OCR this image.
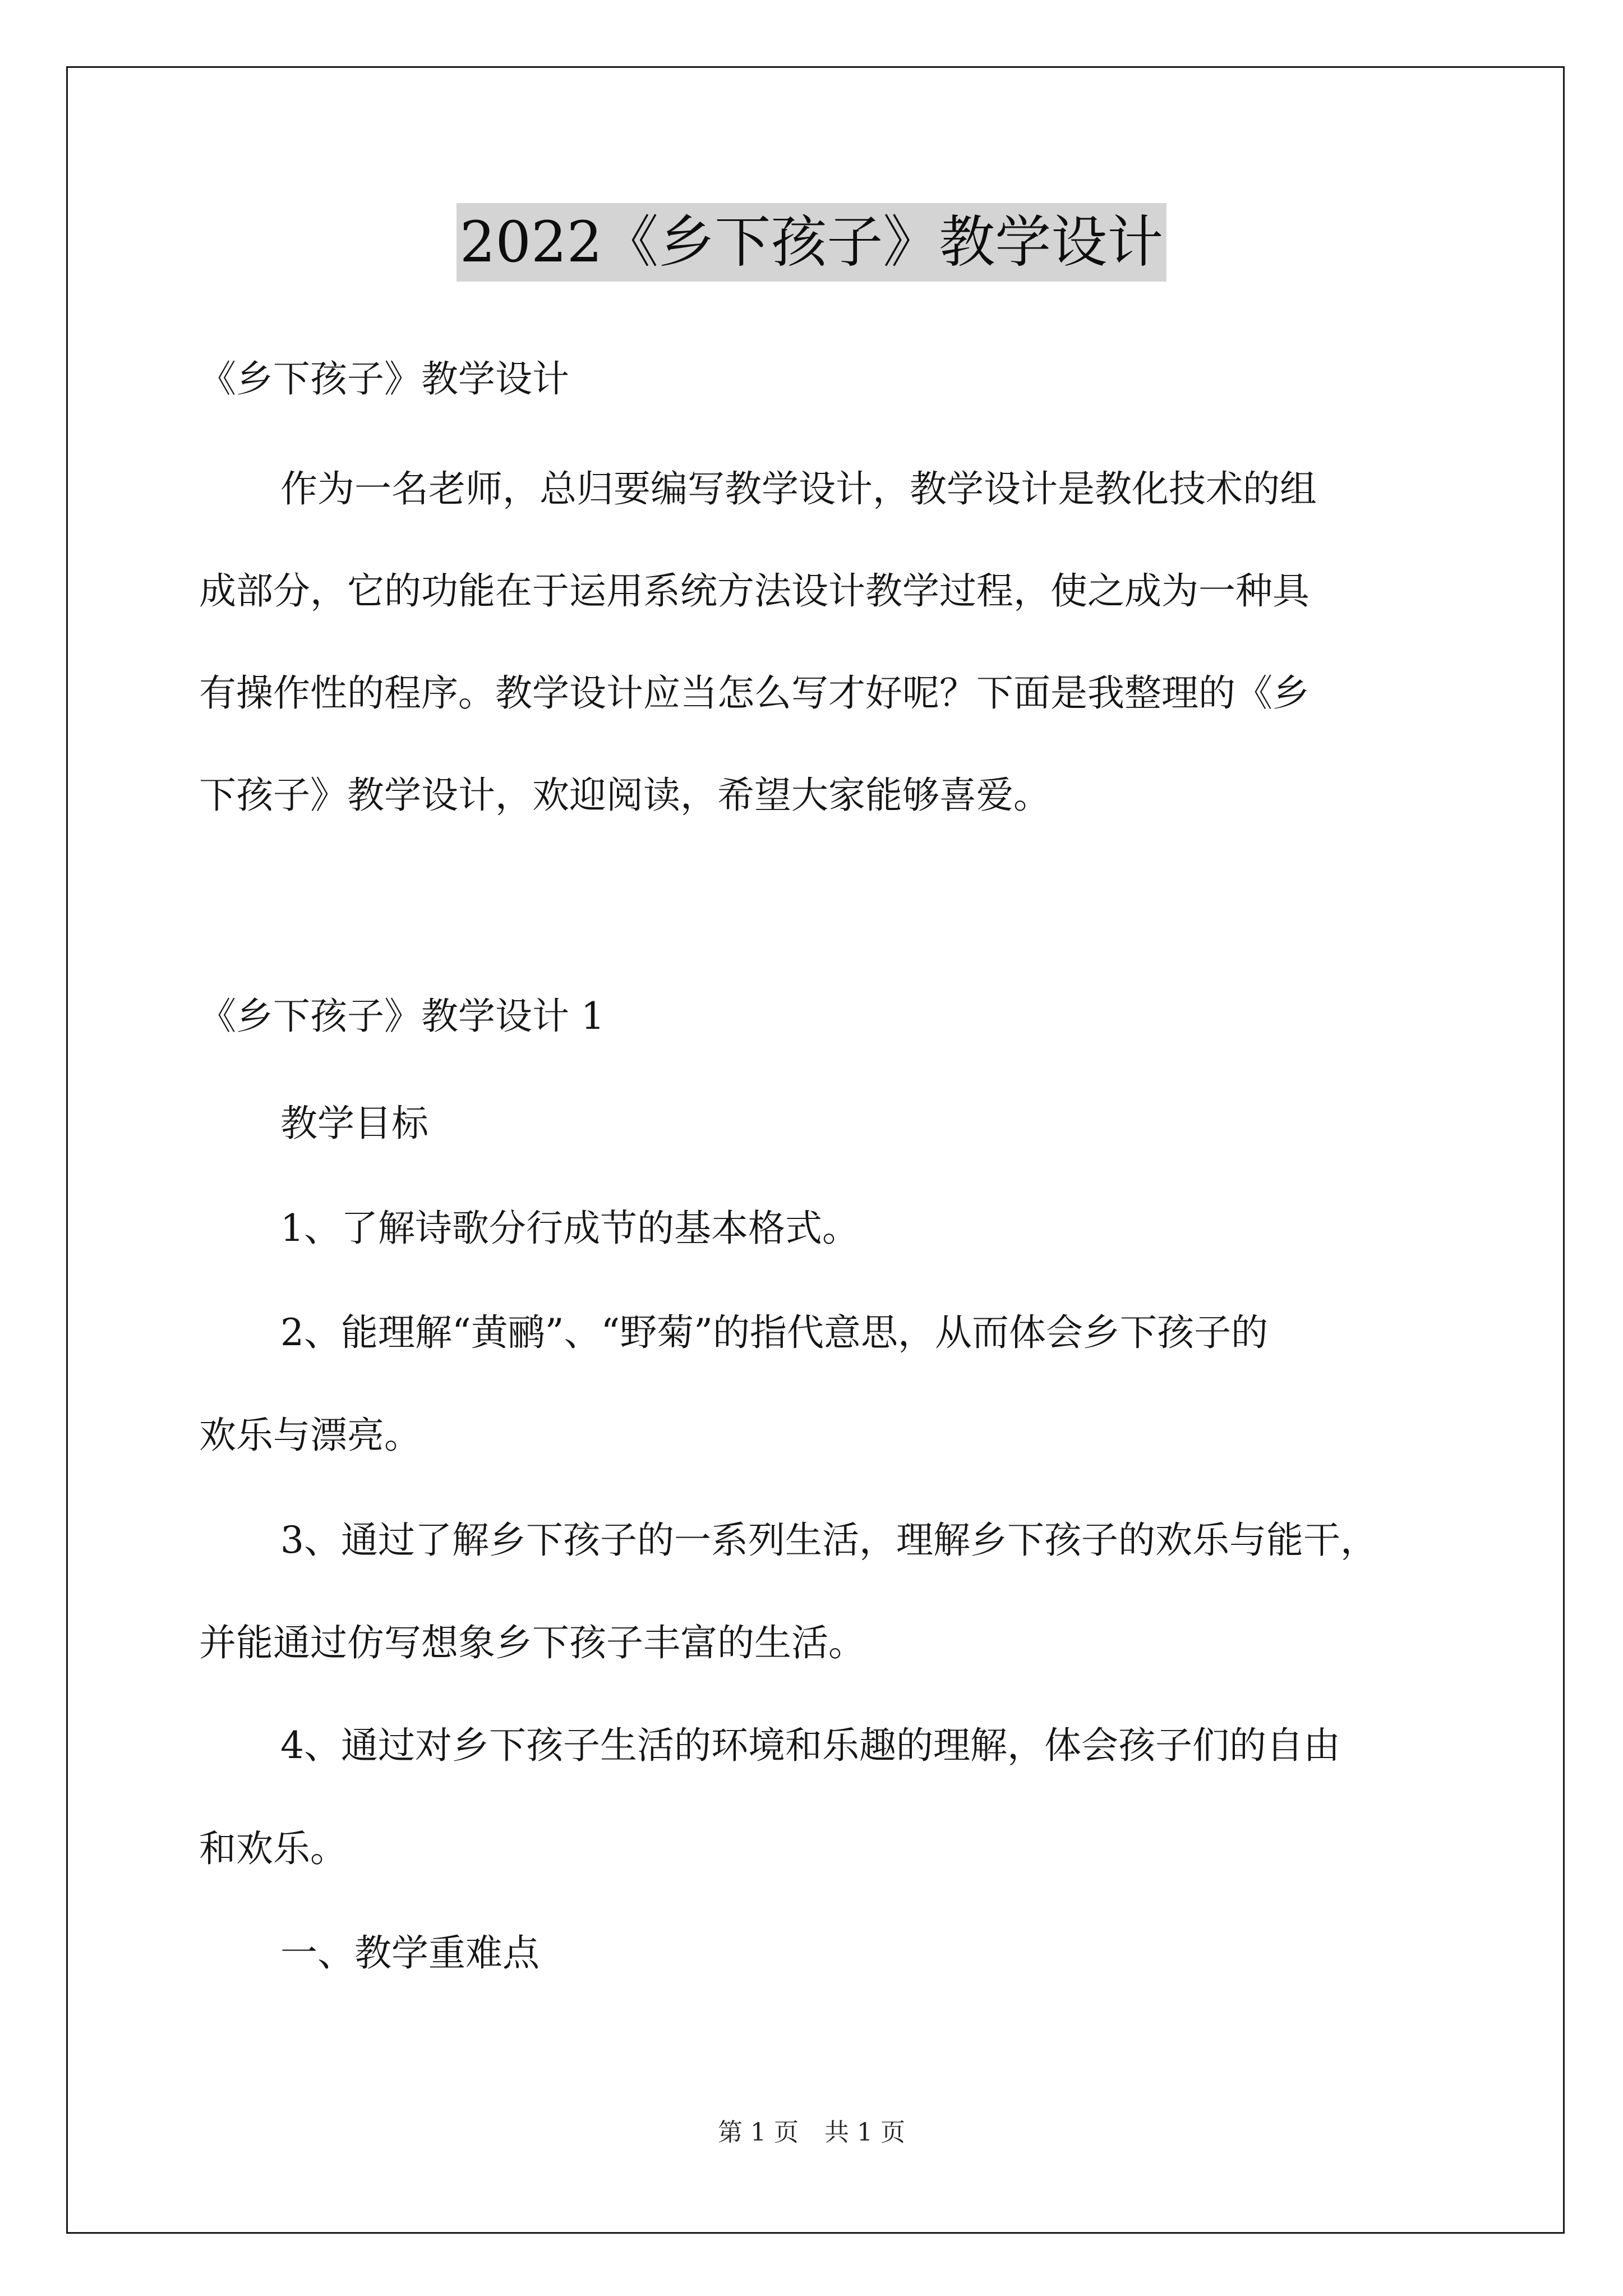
2022《乡下孩子》教学设计
《乡下孩子》教学设计
作为一名老师，总归要编写教学设计，教学设计是教化技术的组
成部分，它的功能在于运用系统方法设计教学过程，使之成为一种具
有操作性的程序。教学设计应当怎么写才好呢？下面是我整理的《乡
下孩子》教学设计，欢迎阅读，希望大家能够喜爱。
《乡下孩子》教学设计 1
教学目标
1、了解诗歌分行成节的基本格式。
2、能理解“黄鹂”、“野菊”的指代意思，从而体会乡下孩子的
欢乐与漂亮。
3、通过了解乡下孩子的一系列生活，理解乡下孩子的欢乐与能干，
并能通过仿写想象乡下孩子丰富的生活。
4、通过对乡下孩子生活的环境和乐趣的理解，体会孩子们的自由
和欢乐。
一、教学重难点
第 1 页 共 1 页
